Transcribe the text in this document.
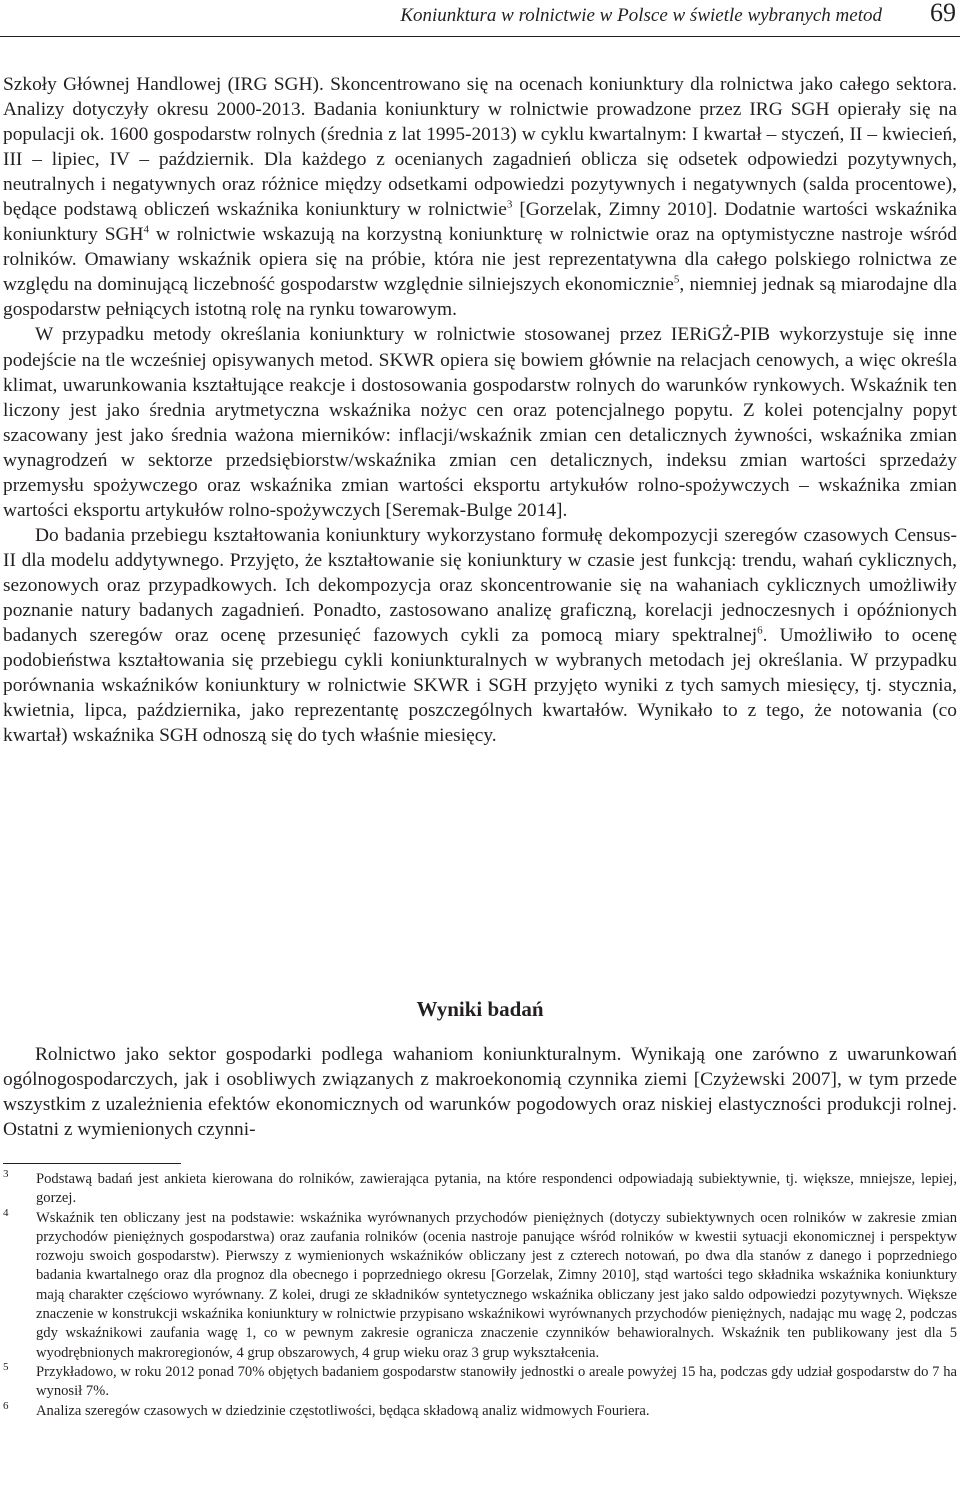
Koniunktura w rolnictwie w Polsce w świetle wybranych metod 69

Szkoły Głównej Handlowej (IRG SGH). Skoncentrowano się na ocenach koniunktury dla rolnictwa jako całego sektora. Analizy dotyczyły okresu 2000-2013. Badania koniunktury w rolnictwie prowadzone przez IRG SGH opierały się na populacji ok. 1600 gospodarstw rolnych (średnia z lat 1995-2013) w cyklu kwartalnym: I kwartał – styczeń, II – kwiecień, III – lipiec, IV – październik. Dla każdego z ocenianych zagadnień oblicza się odsetek odpowiedzi pozytywnych, neutralnych i negatywnych oraz różnice między odsetkami odpowiedzi pozytywnych i negatywnych (salda procentowe), będące podstawą obliczeń wskaźnika koniunktury w rolnictwie$^3$ [Gorzelak, Zimny 2010]. Dodatnie wartości wskaźnika koniunktury SGH$^4$ w rolnictwie wskazują na korzystną koniunkturę w rolnictwie oraz na optymistyczne nastroje wśród rolników. Omawiany wskaźnik opiera się na próbie, która nie jest reprezentatywna dla całego polskiego rolnictwa ze względu na dominującą liczebność gospodarstw względnie silniejszych ekonomicznie$^5$, niemniej jednak są miarodajne dla gospodarstw pełniących istotną rolę na rynku towarowym.

W przypadku metody określania koniunktury w rolnictwie stosowanej przez IERiGŻ-PIB wykorzystuje się inne podejście na tle wcześniej opisywanych metod. SKWR opiera się bowiem głównie na relacjach cenowych, a więc określa klimat, uwarunkowania kształtujące reakcje i dostosowania gospodarstw rolnych do warunków rynkowych. Wskaźnik ten liczony jest jako średnia arytmetyczna wskaźnika nożyc cen oraz potencjalnego popytu. Z kolei potencjalny popyt szacowany jest jako średnia ważona mierników: inflacji/wskaźnik zmian cen detalicznych żywności, wskaźnika zmian wynagrodzeń w sektorze przedsiębiorstw/wskaźnika zmian cen detalicznych, indeksu zmian wartości sprzedaży przemysłu spożywczego oraz wskaźnika zmian wartości eksportu artykułów rolno-spożywczych – wskaźnika zmian wartości eksportu artykułów rolno-spożywczych [Seremak-Bulge 2014].

Do badania przebiegu kształtowania koniunktury wykorzystano formułę dekompozycji szeregów czasowych Census-II dla modelu addytywnego. Przyjęto, że kształtowanie się koniunktury w czasie jest funkcją: trendu, wahań cyklicznych, sezonowych oraz przypadkowych. Ich dekompozycja oraz skoncentrowanie się na wahaniach cyklicznych umożliwiły poznanie natury badanych zagadnień. Ponadto, zastosowano analizę graficzną, korelacji jednoczesnych i opóźnionych badanych szeregów oraz ocenę przesunięć fazowych cykli za pomocą miary spektralnej$^6$. Umożliwiło to ocenę podobieństwa kształtowania się przebiegu cykli koniunkturalnych w wybranych metodach jej określania. W przypadku porównania wskaźników koniunktury w rolnictwie SKWR i SGH przyjęto wyniki z tych samych miesięcy, tj. stycznia, kwietnia, lipca, października, jako reprezentantę poszczególnych kwartałów. Wynikało to z tego, że notowania (co kwartał) wskaźnika SGH odnoszą się do tych właśnie miesięcy.

Wyniki badań

Rolnictwo jako sektor gospodarki podlega wahaniom koniunkturalnym. Wynikają one zarówno z uwarunkowań ogólnogospodarczych, jak i osobliwych związanych z makroekonomią czynnika ziemi [Czyżewski 2007], w tym przede wszystkim z uzależnienia efektów ekonomicznych od warunków pogodowych oraz niskiej elastyczności produkcji rolnej. Ostatni z wymienionych czynni-

3 Podstawą badań jest ankieta kierowana do rolników, zawierająca pytania, na które respondenci odpowiadają subiektywnie, tj. większe, mniejsze, lepiej, gorzej.

4 Wskaźnik ten obliczany jest na podstawie: wskaźnika wyrównanych przychodów pieniężnych (dotyczy subiektywnych ocen rolników w zakresie zmian przychodów pieniężnych gospodarstwa) oraz zaufania rolników (ocenia nastroje panujące wśród rolników w kwestii sytuacji ekonomicznej i perspektyw rozwoju swoich gospodarstw). Pierwszy z wymienionych wskaźników obliczany jest z czterech notowań, po dwa dla stanów z danego i poprzedniego badania kwartalnego oraz dla prognoz dla obecnego i poprzedniego okresu [Gorzelak, Zimny 2010], stąd wartości tego składnika wskaźnika koniunktury mają charakter częściowo wyrównany. Z kolei, drugi ze składników syntetycznego wskaźnika obliczany jest jako saldo odpowiedzi pozytywnych. Większe znaczenie w konstrukcji wskaźnika koniunktury w rolnictwie przypisano wskaźnikowi wyrównanych przychodów pieniężnych, nadając mu wagę 2, podczas gdy wskaźnikowi zaufania wagę 1, co w pewnym zakresie ogranicza znaczenie czynników behawioralnych. Wskaźnik ten publikowany jest dla 5 wyodrębnionych makroregionów, 4 grup obszarowych, 4 grup wieku oraz 3 grup wykształcenia.

5 Przykładowo, w roku 2012 ponad 70% objętych badaniem gospodarstw stanowiły jednostki o areale powyżej 15 ha, podczas gdy udział gospodarstw do 7 ha wynosił 7%.

6 Analiza szeregów czasowych w dziedzinie częstotliwości, będąca składową analiz widmowych Fouriera.
